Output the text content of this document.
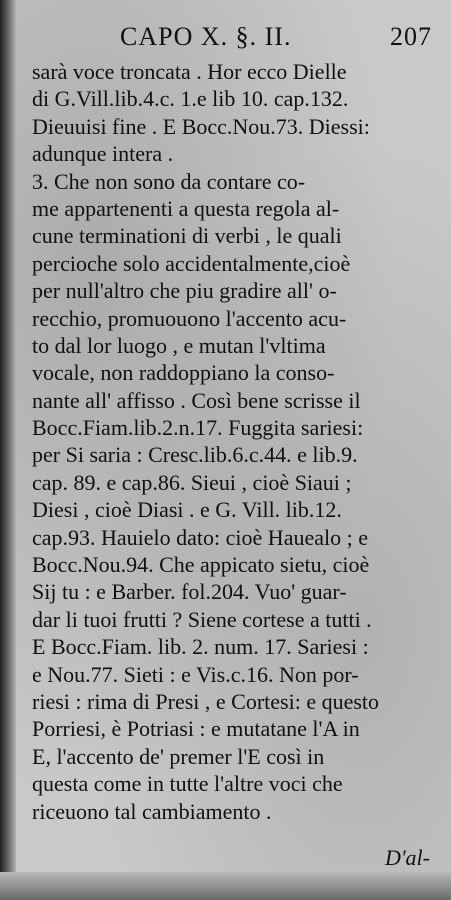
CAPO X. §. II.	207
sarà voce troncata . Hor ecco Dielle
di G.Vill.lib.4.c. 1.e lib 10. cap.132.
Dieuuisi fine . E Bocc.Nou.73. Diessi:
adunque intera .
3. Che non sono da contare co-
me appartenenti a questa regola al-
cune terminationi di verbi , le quali
percioche solo accidentalmente,cioè
per null'altro che piu gradire all' o-
recchio, promuouono l'accento acu-
to dal lor luogo , e mutan l'vltima
vocale, non raddoppiano la conso-
nante all' affisso . Così bene scrisse il
Bocc.Fiam.lib.2.n.17. Fuggita sariesi:
per Si saria : Cresc.lib.6.c.44. e lib.9.
cap. 89. e cap.86. Sieui , cioè Siaui ;
Diesi , cioè Diasi . e G. Vill. lib.12.
cap.93. Hauielo dato: cioè Hauealo ; e
Bocc.Nou.94. Che appicato sietu, cioè
Sij tu : e Barber. fol.204. Vuo' guar-
dar li tuoi frutti ? Siene cortese a tutti .
E Bocc.Fiam. lib. 2. num. 17. Sariesi :
e Nou.77. Sieti : e Vis.c.16. Non por-
riesi : rima di Presi , e Cortesi: e questo
Porriesi, è Potriasi : e mutatane l'A in
E, l'accento de' premer l'E così in
questa come in tutte l'altre voci che
riceuono tal cambiamento .
D'al-
